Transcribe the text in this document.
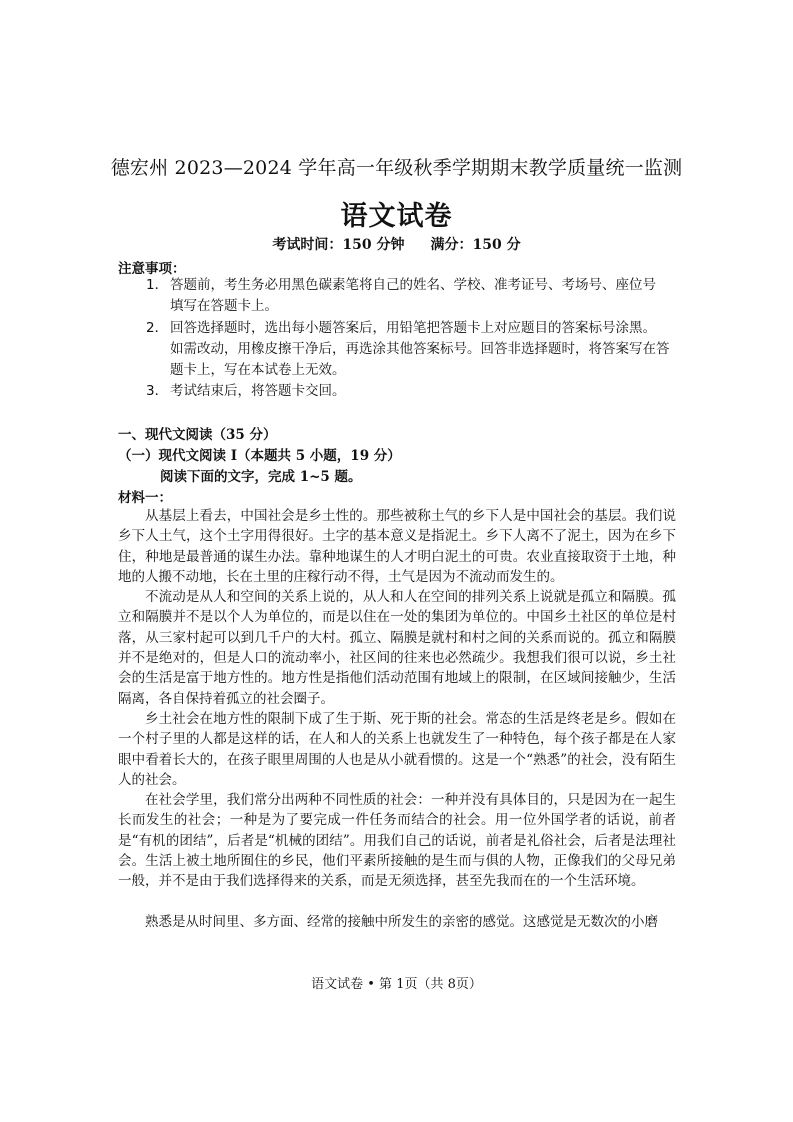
德宏州 2023—2024 学年高一年级秋季学期期末教学质量统一监测
语文试卷
考试时间：150 分钟 满分：150 分
注意事项：
1． 答题前，考生务必用黑色碳素笔将自己的姓名、学校、准考证号、考场号、座位号
填写在答题卡上。
2． 回答选择题时，选出每小题答案后，用铅笔把答题卡上对应题目的答案标号涂黑。
如需改动，用橡皮擦干净后，再选涂其他答案标号。回答非选择题时，将答案写在答题卡上，写在本试卷上无效。
3． 考试结束后，将答题卡交回。
一、现代文阅读（35 分）
（一）现代文阅读 I（本题共 5 小题，19 分）
阅读下面的文字，完成 1~5 题。
材料一：

从基层上看去，中国社会是乡土性的。那些被称土气的乡下人是中国社会的基层。我们说乡下人土气，这个土字用得很好。土字的基本意义是指泥土。乡下人离不了泥土，因为在乡下住，种地是最普通的谋生办法。靠种地谋生的人才明白泥土的可贵。农业直接取资于土地，种地的人搬不动地，长在土里的庄稼行动不得，土气是因为不流动而发生的。

不流动是从人和空间的关系上说的，从人和人在空间的排列关系上说就是孤立和隔膜。孤立和隔膜并不是以个人为单位的，而是以住在一处的集团为单位的。中国乡土社区的单位是村落，从三家村起可以到几千户的大村。孤立、隔膜是就村和村之间的关系而说的。孤立和隔膜并不是绝对的，但是人口的流动率小，社区间的往来也必然疏少。我想我们很可以说，乡土社会的生活是富于地方性的。地方性是指他们活动范围有地域上的限制，在区域间接触少，生活隔离，各自保持着孤立的社会圈子。

乡土社会在地方性的限制下成了生于斯、死于斯的社会。常态的生活是终老是乡。假如在一个村子里的人都是这样的话，在人和人的关系上也就发生了一种特色，每个孩子都是在人家眼中看着长大的，在孩子眼里周围的人也是从小就看惯的。这是一个“熟悉”的社会，没有陌生人的社会。

在社会学里，我们常分出两种不同性质的社会：一种并没有具体目的，只是因为在一起生长而发生的社会；一种是为了要完成一件任务而结合的社会。用一位外国学者的话说，前者是“有机的团结”，后者是“机械的团结”。用我们自己的话说，前者是礼俗社会，后者是法理社会。生活上被土地所囿住的乡民，他们平素所接触的是生而与俱的人物，正像我们的父母兄弟一般，并不是由于我们选择得来的关系，而是无须选择，甚至先我而在的一个生活环境。

熟悉是从时间里、多方面、经常的接触中所发生的亲密的感觉。这感觉是无数次的小磨

语文试卷 • 第 1页（共 8页）
